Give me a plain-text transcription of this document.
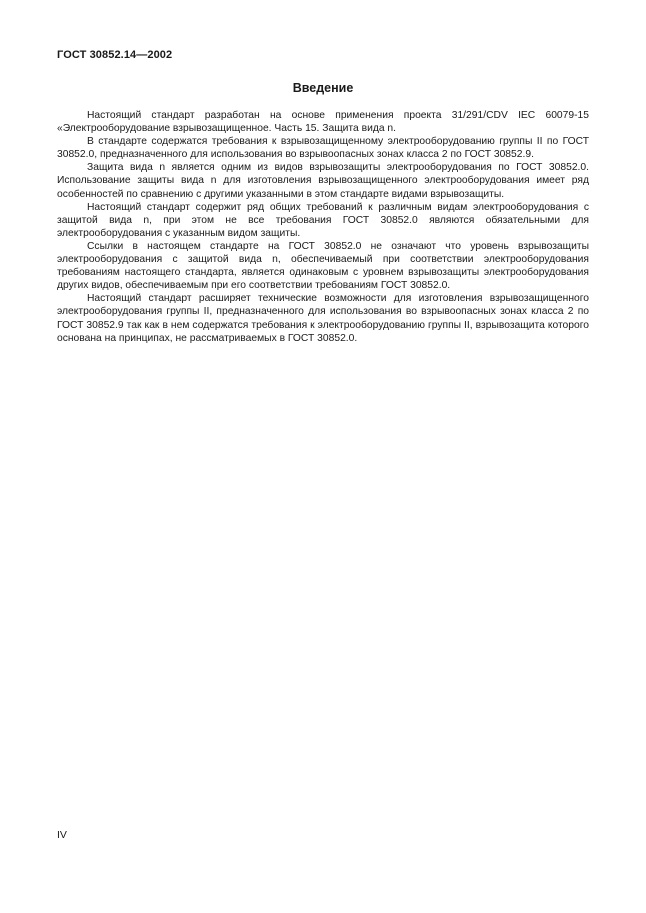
ГОСТ 30852.14—2002
Введение

Настоящий стандарт разработан на основе применения проекта 31/291/CDV IEC 60079-15 «Электрооборудование взрывозащищенное. Часть 15. Защита вида n.

В стандарте содержатся требования к взрывозащищенному электрооборудованию группы II по ГОСТ 30852.0, предназначенного для использования во взрывоопасных зонах класса 2 по ГОСТ 30852.9.

Защита вида n является одним из видов взрывозащиты электрооборудования по ГОСТ 30852.0. Использование защиты вида n для изготовления взрывозащищенного электрооборудования имеет ряд особенностей по сравнению с другими указанными в этом стандарте видами взрывозащиты.

Настоящий стандарт содержит ряд общих требований к различным видам электрооборудования с защитой вида n, при этом не все требования ГОСТ 30852.0 являются обязательными для электрооборудования с указанным видом защиты.

Ссылки в настоящем стандарте на ГОСТ 30852.0 не означают что уровень взрывозащиты электрооборудования с защитой вида n, обеспечиваемый при соответствии электрооборудования требованиям настоящего стандарта, является одинаковым с уровнем взрывозащиты электрооборудования других видов, обеспечиваемым при его соответствии требованиям ГОСТ 30852.0.

Настоящий стандарт расширяет технические возможности для изготовления взрывозащищенного электрооборудования группы II, предназначенного для использования во взрывоопасных зонах класса 2 по ГОСТ 30852.9 так как в нем содержатся требования к электрооборудованию группы II, взрывозащита которого основана на принципах, не рассматриваемых в ГОСТ 30852.0.

IV
